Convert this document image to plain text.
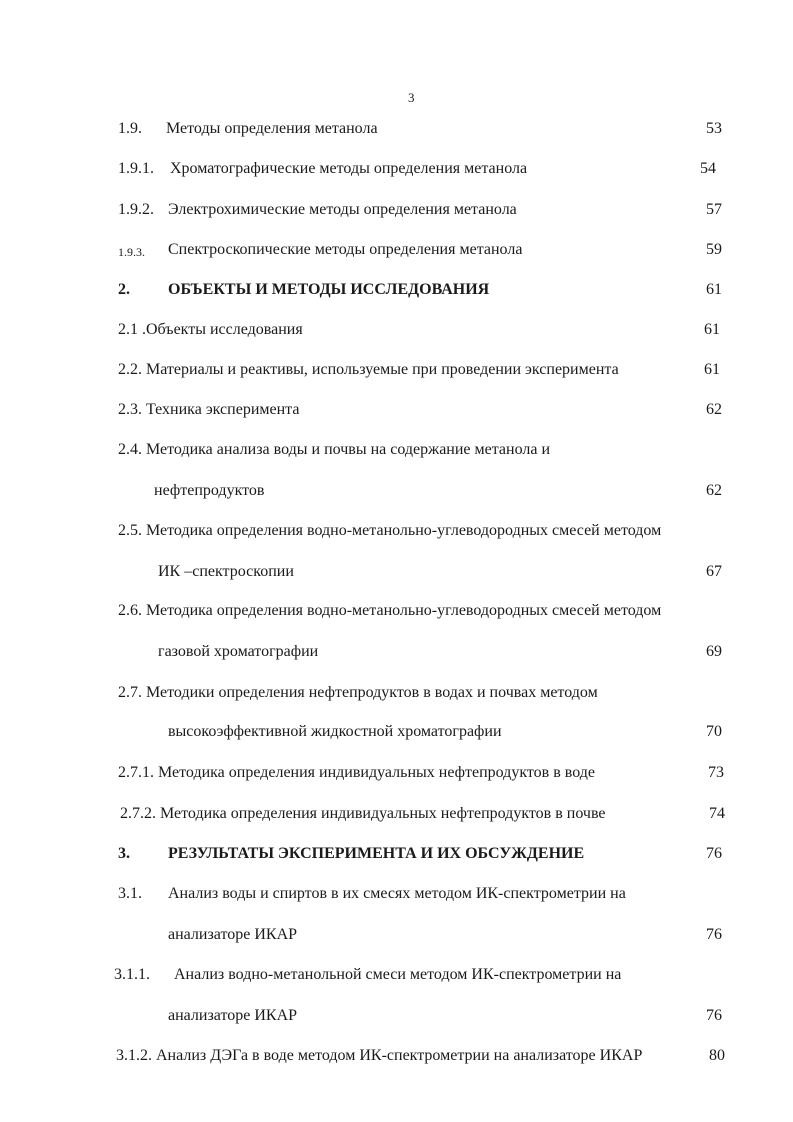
3
1.9. Методы определения метанола	53
1.9.1. Хроматографические методы определения метанола	54
1.9.2. Электрохимические методы определения метанола	57
1.9.3. Спектроскопические методы определения метанола	59
2. ОБЪЕКТЫ И МЕТОДЫ ИССЛЕДОВАНИЯ	61
2.1 .Объекты исследования	61
2.2. Материалы и реактивы, используемые при проведении эксперимента	61
2.3. Техника эксперимента	62
2.4. Методика анализа воды и почвы на содержание метанола и
нефтепродуктов	62
2.5. Методика определения водно-метанольно-углеводородных смесей методом
ИК –спектроскопии	67
2.6. Методика определения водно-метанольно-углеводородных смесей методом
газовой хроматографии	69
2.7. Методики определения нефтепродуктов в водах и почвах методом
высокоэффективной жидкостной хроматографии	70
2.7.1. Методика определения индивидуальных нефтепродуктов в воде	73
2.7.2. Методика определения индивидуальных нефтепродуктов в почве	74
3. РЕЗУЛЬТАТЫ ЭКСПЕРИМЕНТА И ИХ ОБСУЖДЕНИЕ	76
3.1. Анализ воды и спиртов в их смесях методом ИК-спектрометрии на
анализаторе ИКАР	76
3.1.1. Анализ водно-метанольной смеси методом ИК-спектрометрии на
анализаторе ИКАР	76
3.1.2. Анализ ДЭГа в воде методом ИК-спектрометрии на анализаторе ИКАР	80
